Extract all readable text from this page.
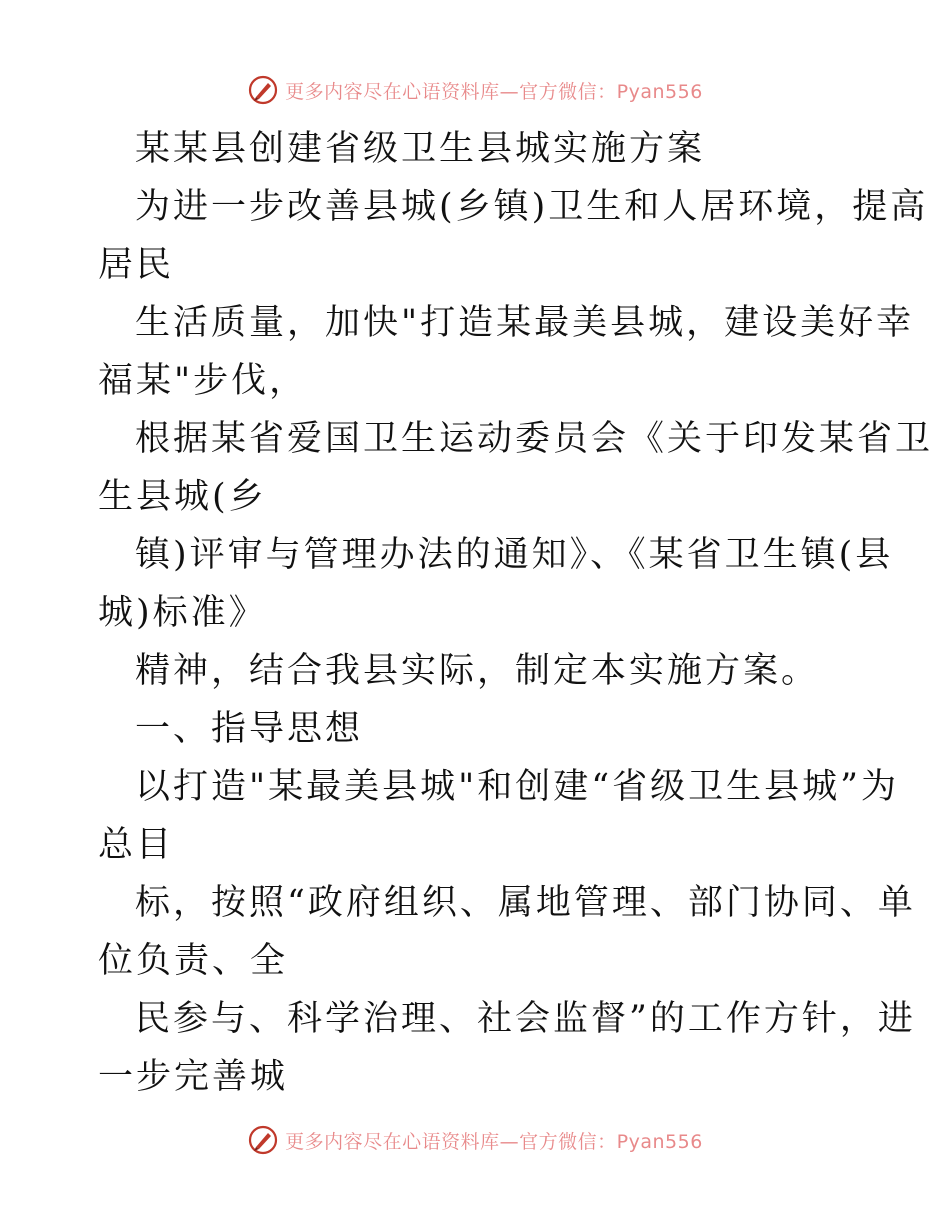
更多内容尽在心语资料库—官方微信：Pyan556
某某县创建省级卫生县城实施方案
为进一步改善县城(乡镇)卫生和人居环境，提高
居民
生活质量，加快"打造某最美县城，建设美好幸
福某"步伐，
根据某省爱国卫生运动委员会《关于印发某省卫
生县城(乡
镇)评审与管理办法的通知》、《某省卫生镇(县
城)标准》
精神，结合我县实际，制定本实施方案。
一、指导思想
以打造"某最美县城"和创建“省级卫生县城”为
总目
标，按照“政府组织、属地管理、部门协同、单
位负责、全
民参与、科学治理、社会监督”的工作方针，进
一步完善城
更多内容尽在心语资料库—官方微信：Pyan556
